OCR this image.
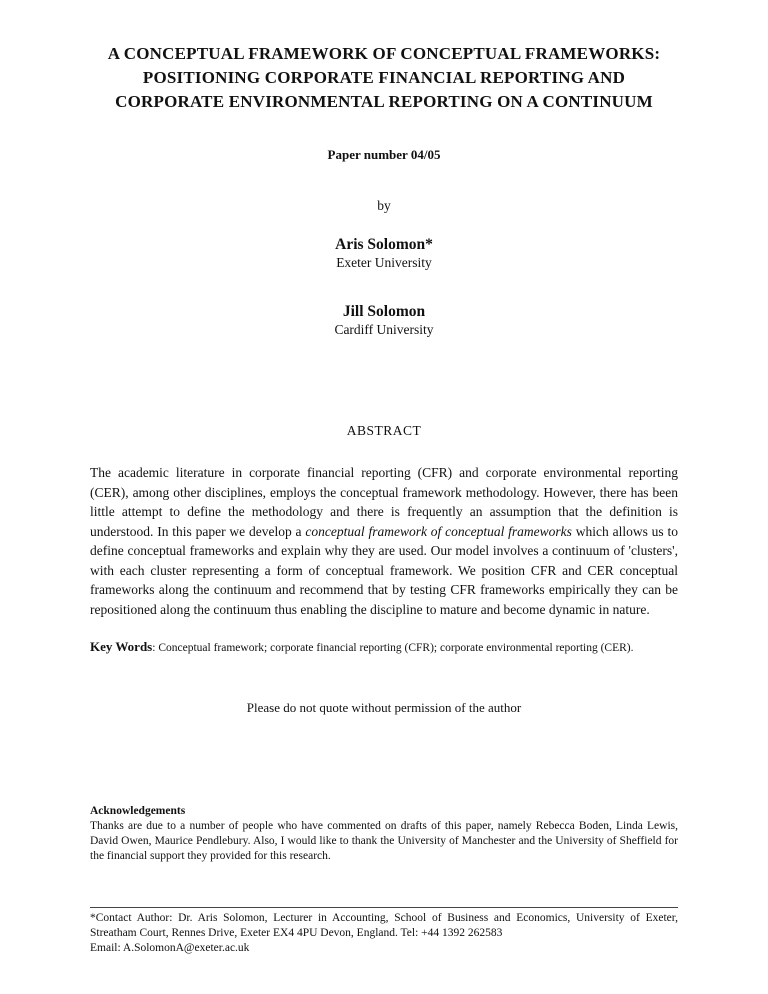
A CONCEPTUAL FRAMEWORK OF CONCEPTUAL FRAMEWORKS:
POSITIONING CORPORATE FINANCIAL REPORTING AND
CORPORATE ENVIRONMENTAL REPORTING ON A CONTINUUM
Paper number 04/05
by
Aris Solomon*
Exeter University
Jill Solomon
Cardiff University
ABSTRACT

The academic literature in corporate financial reporting (CFR) and corporate environmental reporting (CER), among other disciplines, employs the conceptual framework methodology. However, there has been little attempt to define the methodology and there is frequently an assumption that the definition is understood. In this paper we develop a conceptual framework of conceptual frameworks which allows us to define conceptual frameworks and explain why they are used. Our model involves a continuum of 'clusters', with each cluster representing a form of conceptual framework. We position CFR and CER conceptual frameworks along the continuum and recommend that by testing CFR frameworks empirically they can be repositioned along the continuum thus enabling the discipline to mature and become dynamic in nature.

Key Words: Conceptual framework; corporate financial reporting (CFR); corporate environmental reporting (CER).

Please do not quote without permission of the author
Acknowledgements
Thanks are due to a number of people who have commented on drafts of this paper, namely Rebecca Boden, Linda Lewis, David Owen, Maurice Pendlebury. Also, I would like to thank the University of Manchester and the University of Sheffield for the financial support they provided for this research.
*Contact Author: Dr. Aris Solomon, Lecturer in Accounting, School of Business and Economics, University of Exeter, Streatham Court, Rennes Drive, Exeter EX4 4PU Devon, England. Tel: +44 1392 262583
Email: A.SolomonA@exeter.ac.uk
